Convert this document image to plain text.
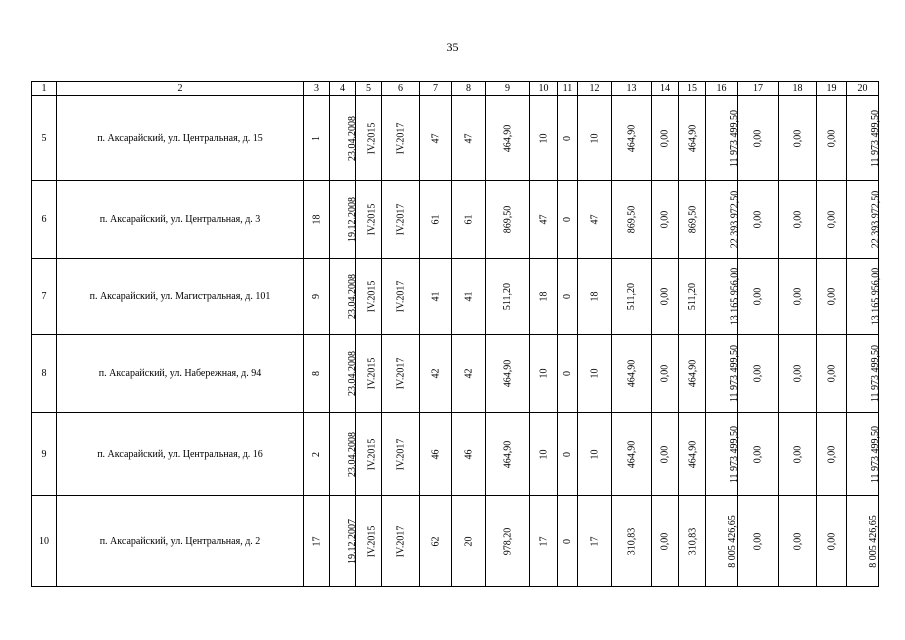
35
1	2	3	4	5	6	7	8	9	10	11	12	13	14	15	16	17	18	19	20
5	п. Аксарайский, ул. Центральная, д. 15	1	23.04.2008	IV.2015	IV.2017	47	47	464,90	10	0	10	464,90	0,00	464,90	11 973 499,50	0,00	0,00	0,00	11 973 499,50
6	п. Аксарайский, ул. Центральная, д. 3	18	19.12.2008	IV.2015	IV.2017	61	61	869,50	47	0	47	869,50	0,00	869,50	22 393 972,50	0,00	0,00	0,00	22 393 972,50
7	п. Аксарайский, ул. Магистральная, д. 101	9	23.04.2008	IV.2015	IV.2017	41	41	511,20	18	0	18	511,20	0,00	511,20	13 165 956,00	0,00	0,00	0,00	13 165 956,00
8	п. Аксарайский, ул. Набережная, д. 94	8	23.04.2008	IV.2015	IV.2017	42	42	464,90	10	0	10	464,90	0,00	464,90	11 973 499,50	0,00	0,00	0,00	11 973 499,50
9	п. Аксарайский, ул. Центральная, д. 16	2	23.04.2008	IV.2015	IV.2017	46	46	464,90	10	0	10	464,90	0,00	464,90	11 973 499,50	0,00	0,00	0,00	11 973 499,50
10	п. Аксарайский, ул. Центральная, д. 2	17	19.12.2007	IV.2015	IV.2017	62	20	978,20	17	0	17	310,83	0,00	310,83	8 005 426,65	0,00	0,00	0,00	8 005 426,65
